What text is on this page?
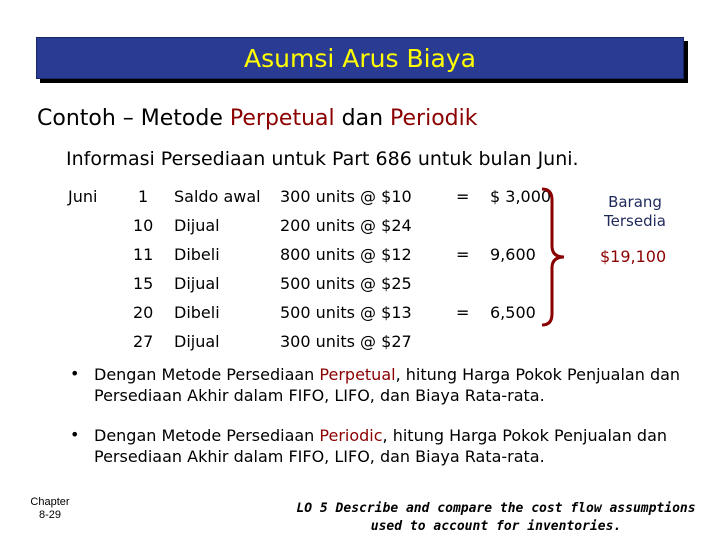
Asumsi Arus Biaya
Contoh – Metode Perpetual dan Periodik
Informasi Persediaan untuk Part 686 untuk bulan Juni.
Juni	1 Saldo awal 300 units @ $10	= $ 3,000
10 Dijual	200 units @ $24
11 Dibeli	800 units @ $12	= 9,600
15 Dijual	500 units @ $25
20 Dibeli	500 units @ $13	= 6,500
27 Dijual	300 units @ $27
Barang
Tersedia
$19,100
• Dengan Metode Persediaan Perpetual, hitung Harga Pokok Penjualan dan Persediaan Akhir dalam FIFO, LIFO, dan Biaya Rata-rata.
• Dengan Metode Persediaan Periodic, hitung Harga Pokok Penjualan dan Persediaan Akhir dalam FIFO, LIFO, dan Biaya Rata-rata.
Chapter
8-29	LO 5 Describe and compare the cost flow assumptions
used to account for inventories.
